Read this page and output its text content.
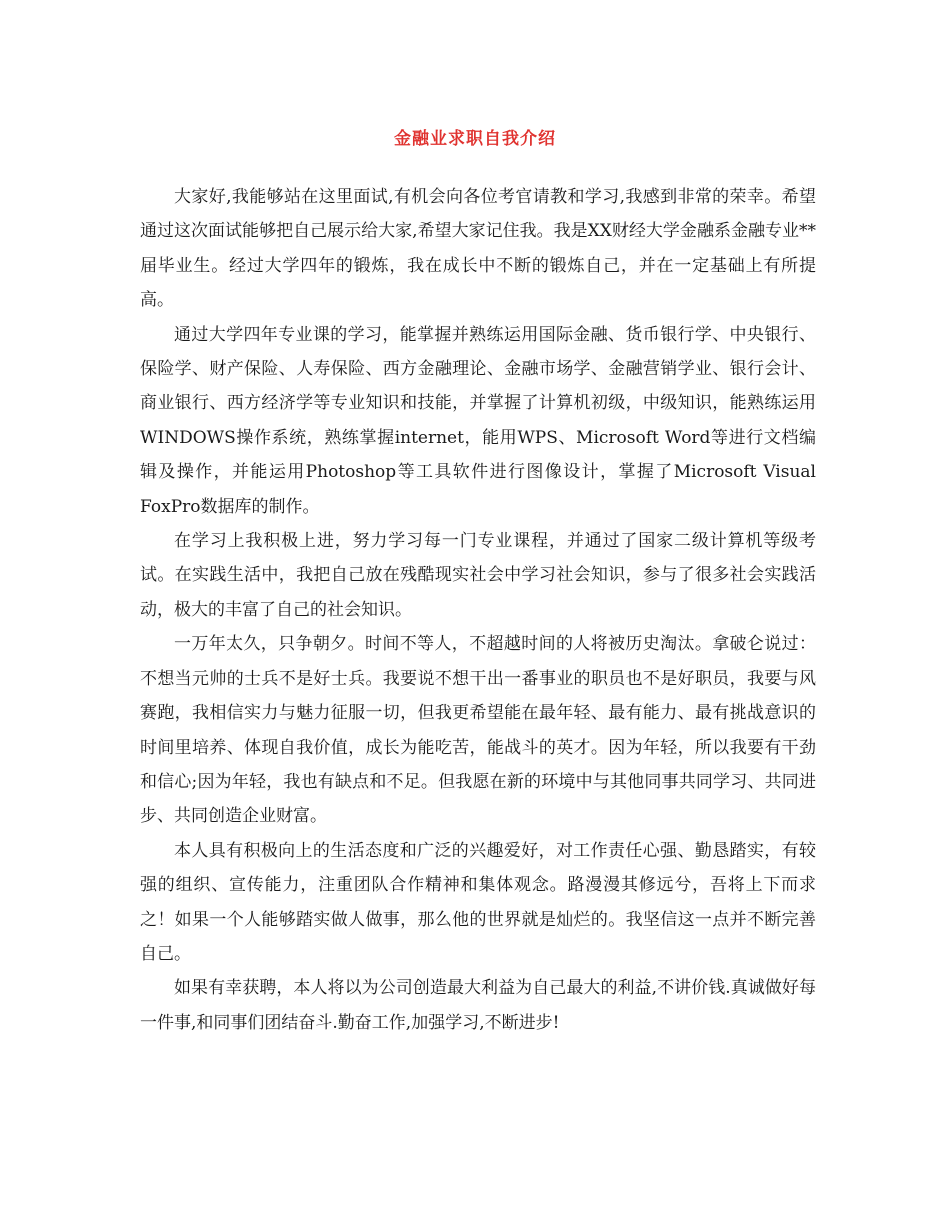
金融业求职自我介绍

大家好,我能够站在这里面试,有机会向各位考官请教和学习,我感到非常的荣幸。希望通过这次面试能够把自己展示给大家,希望大家记住我。我是XX财经大学金融系金融专业**届毕业生。经过大学四年的锻炼，我在成长中不断的锻炼自己，并在一定基础上有所提高。

通过大学四年专业课的学习，能掌握并熟练运用国际金融、货币银行学、中央银行、保险学、财产保险、人寿保险、西方金融理论、金融市场学、金融营销学业、银行会计、商业银行、西方经济学等专业知识和技能，并掌握了计算机初级，中级知识，能熟练运用WINDOWS操作系统，熟练掌握internet，能用WPS、Microsoft Word等进行文档编辑及操作，并能运用Photoshop等工具软件进行图像设计，掌握了Microsoft Visual FoxPro数据库的制作。

在学习上我积极上进，努力学习每一门专业课程，并通过了国家二级计算机等级考试。在实践生活中，我把自己放在残酷现实社会中学习社会知识，参与了很多社会实践活动，极大的丰富了自己的社会知识。

一万年太久，只争朝夕。时间不等人，不超越时间的人将被历史淘汰。拿破仑说过：不想当元帅的士兵不是好士兵。我要说不想干出一番事业的职员也不是好职员，我要与风赛跑，我相信实力与魅力征服一切，但我更希望能在最年轻、最有能力、最有挑战意识的时间里培养、体现自我价值，成长为能吃苦，能战斗的英才。因为年轻，所以我要有干劲和信心;因为年轻，我也有缺点和不足。但我愿在新的环境中与其他同事共同学习、共同进步、共同创造企业财富。

本人具有积极向上的生活态度和广泛的兴趣爱好，对工作责任心强、勤恳踏实，有较强的组织、宣传能力，注重团队合作精神和集体观念。路漫漫其修远兮，吾将上下而求之！如果一个人能够踏实做人做事，那么他的世界就是灿烂的。我坚信这一点并不断完善自己。

如果有幸获聘，本人将以为公司创造最大利益为自己最大的利益,不讲价钱.真诚做好每一件事,和同事们团结奋斗.勤奋工作,加强学习,不断进步!
